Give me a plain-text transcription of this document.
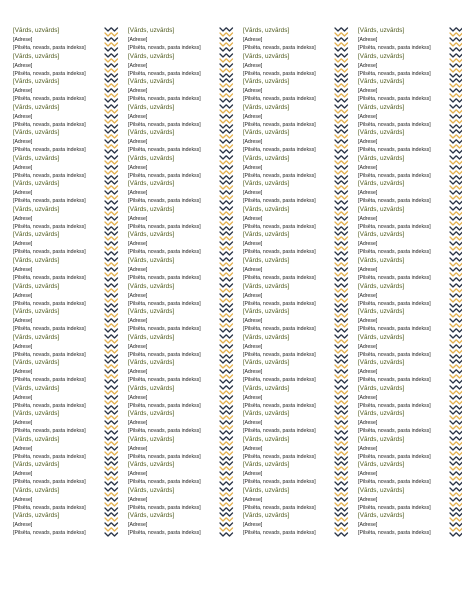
[Vārds, uzvārds]
[Adrese]
[Pilsēta, novads, pasta indekss]
[Vārds, uzvārds]
[Adrese]
[Pilsēta, novads, pasta indekss]
[Vārds, uzvārds]
[Adrese]
[Pilsēta, novads, pasta indekss]
[Vārds, uzvārds]
[Adrese]
[Pilsēta, novads, pasta indekss]
[Vārds, uzvārds]
[Adrese]
[Pilsēta, novads, pasta indekss]
[Vārds, uzvārds]
[Adrese]
[Pilsēta, novads, pasta indekss]
[Vārds, uzvārds]
[Adrese]
[Pilsēta, novads, pasta indekss]
[Vārds, uzvārds]
[Adrese]
[Pilsēta, novads, pasta indekss]
[Vārds, uzvārds]
[Adrese]
[Pilsēta, novads, pasta indekss]
[Vārds, uzvārds]
[Adrese]
[Pilsēta, novads, pasta indekss]
[Vārds, uzvārds]
[Adrese]
[Pilsēta, novads, pasta indekss]
[Vārds, uzvārds]
[Adrese]
[Pilsēta, novads, pasta indekss]
[Vārds, uzvārds]
[Adrese]
[Pilsēta, novads, pasta indekss]
[Vārds, uzvārds]
[Adrese]
[Pilsēta, novads, pasta indekss]
[Vārds, uzvārds]
[Adrese]
[Pilsēta, novads, pasta indekss]
[Vārds, uzvārds]
[Adrese]
[Pilsēta, novads, pasta indekss]
[Vārds, uzvārds]
[Adrese]
[Pilsēta, novads, pasta indekss]
[Vārds, uzvārds]
[Adrese]
[Pilsēta, novads, pasta indekss]
[Vārds, uzvārds]
[Adrese]
[Pilsēta, novads, pasta indekss]
[Vārds, uzvārds]
[Adrese]
[Pilsēta, novads, pasta indekss]
[Vārds, uzvārds]
[Adrese]
[Pilsēta, novads, pasta indekss]
[Vārds, uzvārds]
[Adrese]
[Pilsēta, novads, pasta indekss]
[Vārds, uzvārds]
[Adrese]
[Pilsēta, novads, pasta indekss]
[Vārds, uzvārds]
[Adrese]
[Pilsēta, novads, pasta indekss]
[Vārds, uzvārds]
[Adrese]
[Pilsēta, novads, pasta indekss]
[Vārds, uzvārds]
[Adrese]
[Pilsēta, novads, pasta indekss]
[Vārds, uzvārds]
[Adrese]
[Pilsēta, novads, pasta indekss]
[Vārds, uzvārds]
[Adrese]
[Pilsēta, novads, pasta indekss]
[Vārds, uzvārds]
[Adrese]
[Pilsēta, novads, pasta indekss]
[Vārds, uzvārds]
[Adrese]
[Pilsēta, novads, pasta indekss]
[Vārds, uzvārds]
[Adrese]
[Pilsēta, novads, pasta indekss]
[Vārds, uzvārds]
[Adrese]
[Pilsēta, novads, pasta indekss]
[Vārds, uzvārds]
[Adrese]
[Pilsēta, novads, pasta indekss]
[Vārds, uzvārds]
[Adrese]
[Pilsēta, novads, pasta indekss]
[Vārds, uzvārds]
[Adrese]
[Pilsēta, novads, pasta indekss]
[Vārds, uzvārds]
[Adrese]
[Pilsēta, novads, pasta indekss]
[Vārds, uzvārds]
[Adrese]
[Pilsēta, novads, pasta indekss]
[Vārds, uzvārds]
[Adrese]
[Pilsēta, novads, pasta indekss]
[Vārds, uzvārds]
[Adrese]
[Pilsēta, novads, pasta indekss]
[Vārds, uzvārds]
[Adrese]
[Pilsēta, novads, pasta indekss]
[Vārds, uzvārds]
[Adrese]
[Pilsēta, novads, pasta indekss]
[Vārds, uzvārds]
[Adrese]
[Pilsēta, novads, pasta indekss]
[Vārds, uzvārds]
[Adrese]
[Pilsēta, novads, pasta indekss]
[Vārds, uzvārds]
[Adrese]
[Pilsēta, novads, pasta indekss]
[Vārds, uzvārds]
[Adrese]
[Pilsēta, novads, pasta indekss]
[Vārds, uzvārds]
[Adrese]
[Pilsēta, novads, pasta indekss]
[Vārds, uzvārds]
[Adrese]
[Pilsēta, novads, pasta indekss]
[Vārds, uzvārds]
[Adrese]
[Pilsēta, novads, pasta indekss]
[Vārds, uzvārds]
[Adrese]
[Pilsēta, novads, pasta indekss]
[Vārds, uzvārds]
[Adrese]
[Pilsēta, novads, pasta indekss]
[Vārds, uzvārds]
[Adrese]
[Pilsēta, novads, pasta indekss]
[Vārds, uzvārds]
[Adrese]
[Pilsēta, novads, pasta indekss]
[Vārds, uzvārds]
[Adrese]
[Pilsēta, novads, pasta indekss]
[Vārds, uzvārds]
[Adrese]
[Pilsēta, novads, pasta indekss]
[Vārds, uzvārds]
[Adrese]
[Pilsēta, novads, pasta indekss]
[Vārds, uzvārds]
[Adrese]
[Pilsēta, novads, pasta indekss]
[Vārds, uzvārds]
[Adrese]
[Pilsēta, novads, pasta indekss]
[Vārds, uzvārds]
[Adrese]
[Pilsēta, novads, pasta indekss]
[Vārds, uzvārds]
[Adrese]
[Pilsēta, novads, pasta indekss]
[Vārds, uzvārds]
[Adrese]
[Pilsēta, novads, pasta indekss]
[Vārds, uzvārds]
[Adrese]
[Pilsēta, novads, pasta indekss]
[Vārds, uzvārds]
[Adrese]
[Pilsēta, novads, pasta indekss]
[Vārds, uzvārds]
[Adrese]
[Pilsēta, novads, pasta indekss]
[Vārds, uzvārds]
[Adrese]
[Pilsēta, novads, pasta indekss]
[Vārds, uzvārds]
[Adrese]
[Pilsēta, novads, pasta indekss]
[Vārds, uzvārds]
[Adrese]
[Pilsēta, novads, pasta indekss]
[Vārds, uzvārds]
[Adrese]
[Pilsēta, novads, pasta indekss]
[Vārds, uzvārds]
[Adrese]
[Pilsēta, novads, pasta indekss]
[Vārds, uzvārds]
[Adrese]
[Pilsēta, novads, pasta indekss]
[Vārds, uzvārds]
[Adrese]
[Pilsēta, novads, pasta indekss]
[Vārds, uzvārds]
[Adrese]
[Pilsēta, novads, pasta indekss]
[Vārds, uzvārds]
[Adrese]
[Pilsēta, novads, pasta indekss]
[Vārds, uzvārds]
[Adrese]
[Pilsēta, novads, pasta indekss]
[Vārds, uzvārds]
[Adrese]
[Pilsēta, novads, pasta indekss]
[Vārds, uzvārds]
[Adrese]
[Pilsēta, novads, pasta indekss]
[Vārds, uzvārds]
[Adrese]
[Pilsēta, novads, pasta indekss]
[Vārds, uzvārds]
[Adrese]
[Pilsēta, novads, pasta indekss]
[Vārds, uzvārds]
[Adrese]
[Pilsēta, novads, pasta indekss]
[Vārds, uzvārds]
[Adrese]
[Pilsēta, novads, pasta indekss]
[Vārds, uzvārds]
[Adrese]
[Pilsēta, novads, pasta indekss]
